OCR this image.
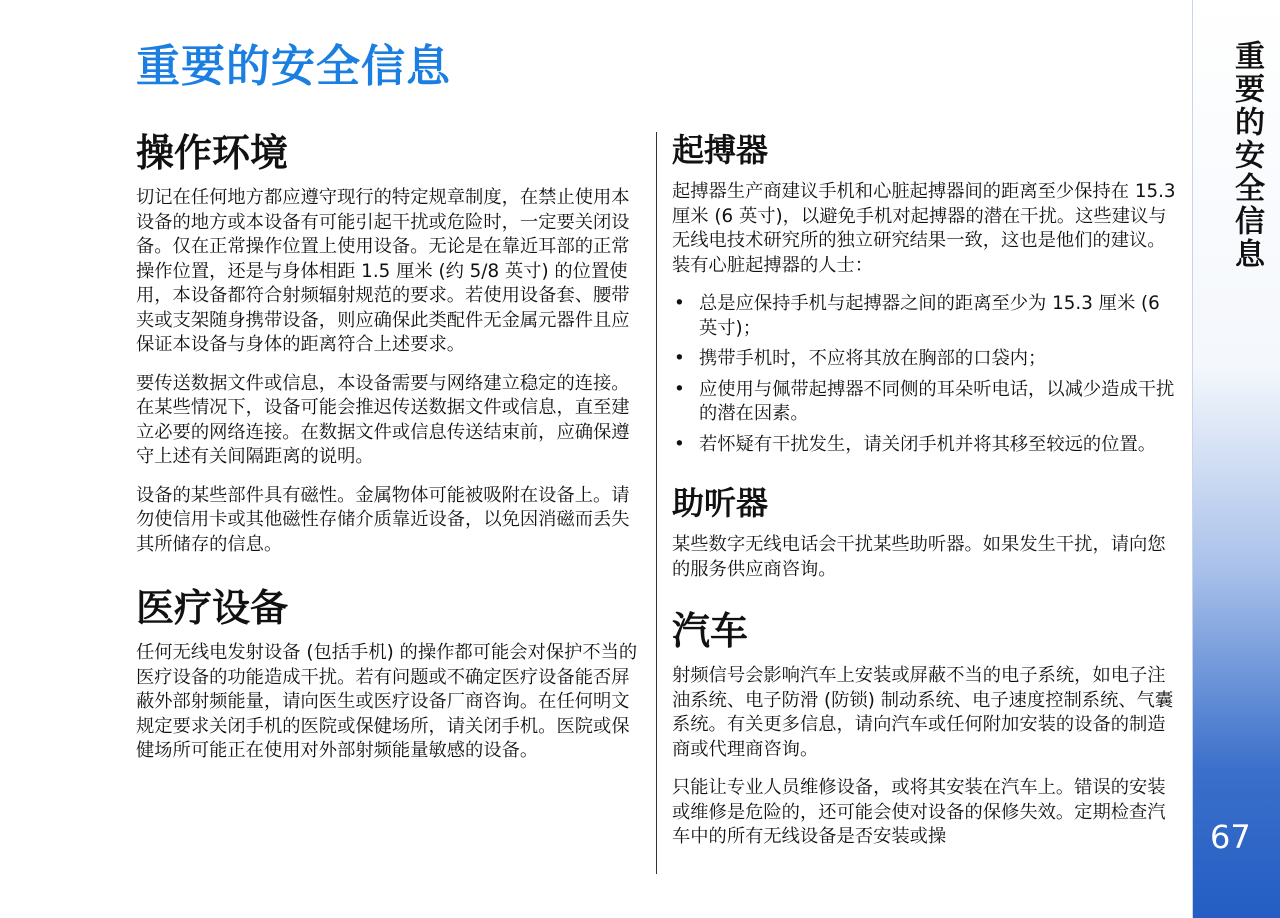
重要的安全信息
操作环境

切记在任何地方都应遵守现行的特定规章制度，在禁止使用本设备的地方或本设备有可能引起干扰或危险时，一定要关闭设备。仅在正常操作位置上使用设备。无论是在靠近耳部的正常操作位置，还是与身体相距 1.5 厘米 (约 5/8 英寸) 的位置使用，本设备都符合射频辐射规范的要求。若使用设备套、腰带夹或支架随身携带设备，则应确保此类配件无金属元器件且应保证本设备与身体的距离符合上述要求。

要传送数据文件或信息，本设备需要与网络建立稳定的连接。在某些情况下，设备可能会推迟传送数据文件或信息，直至建立必要的网络连接。在数据文件或信息传送结束前，应确保遵守上述有关间隔距离的说明。

设备的某些部件具有磁性。金属物体可能被吸附在设备上。请勿使信用卡或其他磁性存储介质靠近设备，以免因消磁而丢失其所储存的信息。

医疗设备

任何无线电发射设备 (包括手机) 的操作都可能会对保护不当的医疗设备的功能造成干扰。若有问题或不确定医疗设备能否屏蔽外部射频能量，请向医生或医疗设备厂商咨询。在任何明文规定要求关闭手机的医院或保健场所，请关闭手机。医院或保健场所可能正在使用对外部射频能量敏感的设备。

起搏器

起搏器生产商建议手机和心脏起搏器间的距离至少保持在 15.3 厘米 (6 英寸)，以避免手机对起搏器的潜在干扰。这些建议与无线电技术研究所的独立研究结果一致，这也是他们的建议。装有心脏起搏器的人士：

• 总是应保持手机与起搏器之间的距离至少为 15.3 厘米 (6 英寸)；
• 携带手机时，不应将其放在胸部的口袋内；
• 应使用与佩带起搏器不同侧的耳朵听电话，以减少造成干扰的潜在因素。
• 若怀疑有干扰发生，请关闭手机并将其移至较远的位置。
助听器

某些数字无线电话会干扰某些助听器。如果发生干扰，请向您的服务供应商咨询。

汽车

射频信号会影响汽车上安装或屏蔽不当的电子系统，如电子注油系统、电子防滑 (防锁) 制动系统、电子速度控制系统、气囊系统。有关更多信息，请向汽车或任何附加安装的设备的制造商或代理商咨询。

只能让专业人员维修设备，或将其安装在汽车上。错误的安装或维修是危险的，还可能会使对设备的保修失效。定期检查汽车中的所有无线设备是否安装或操

重要的安全信息
67
